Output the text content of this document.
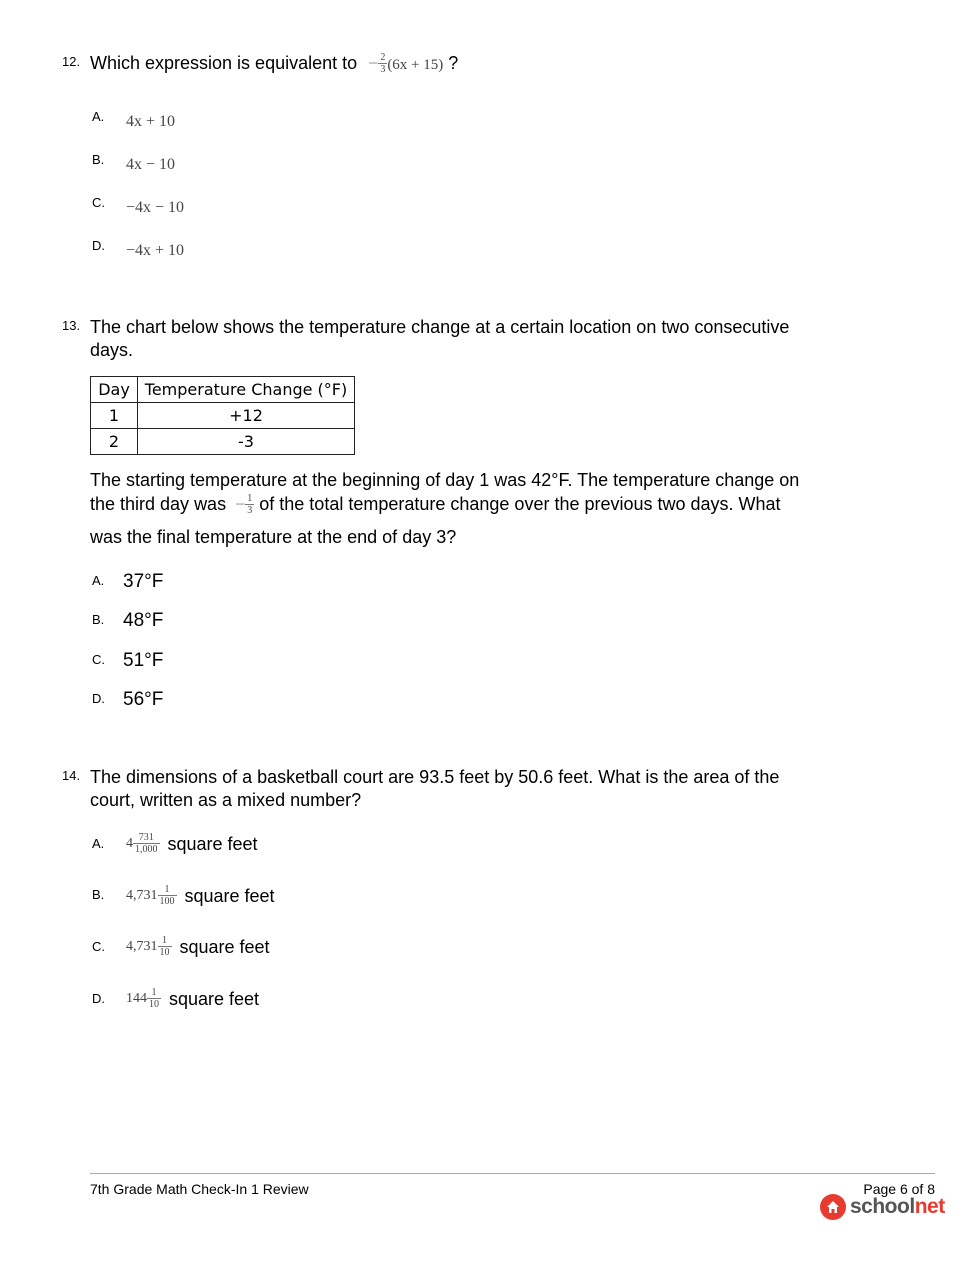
12. Which expression is equivalent to − $\frac{2}{3} (6x + 15)$ ?
A. 4x + 10
B. 4x − 10
C. −4x − 10
D. −4x + 10
13. The chart below shows the temperature change at a certain location on two consecutive days.
Day	Temperature Change (°F)
1	+12
2	-3
The starting temperature at the beginning of day 1 was 42°F. The temperature change on
the third day was − $\frac{1}{3}$ of the total temperature change over the previous two days. What
was the final temperature at the end of day 3?
A. 37°F
B. 48°F
C. 51°F
D. 56°F
14. The dimensions of a basketball court are 93.5 feet by 50.6 feet. What is the area of the court, written as a mixed number?
A. $4 \frac{731}{1,000}$ square feet
B. $4,731 \frac{1}{100}$ square feet
C. $4,731 \frac{1}{10}$ square feet
D. $144 \frac{1}{10}$ square feet
7th Grade Math Check-In 1 Review	Page 6 of 8
schoolnet
